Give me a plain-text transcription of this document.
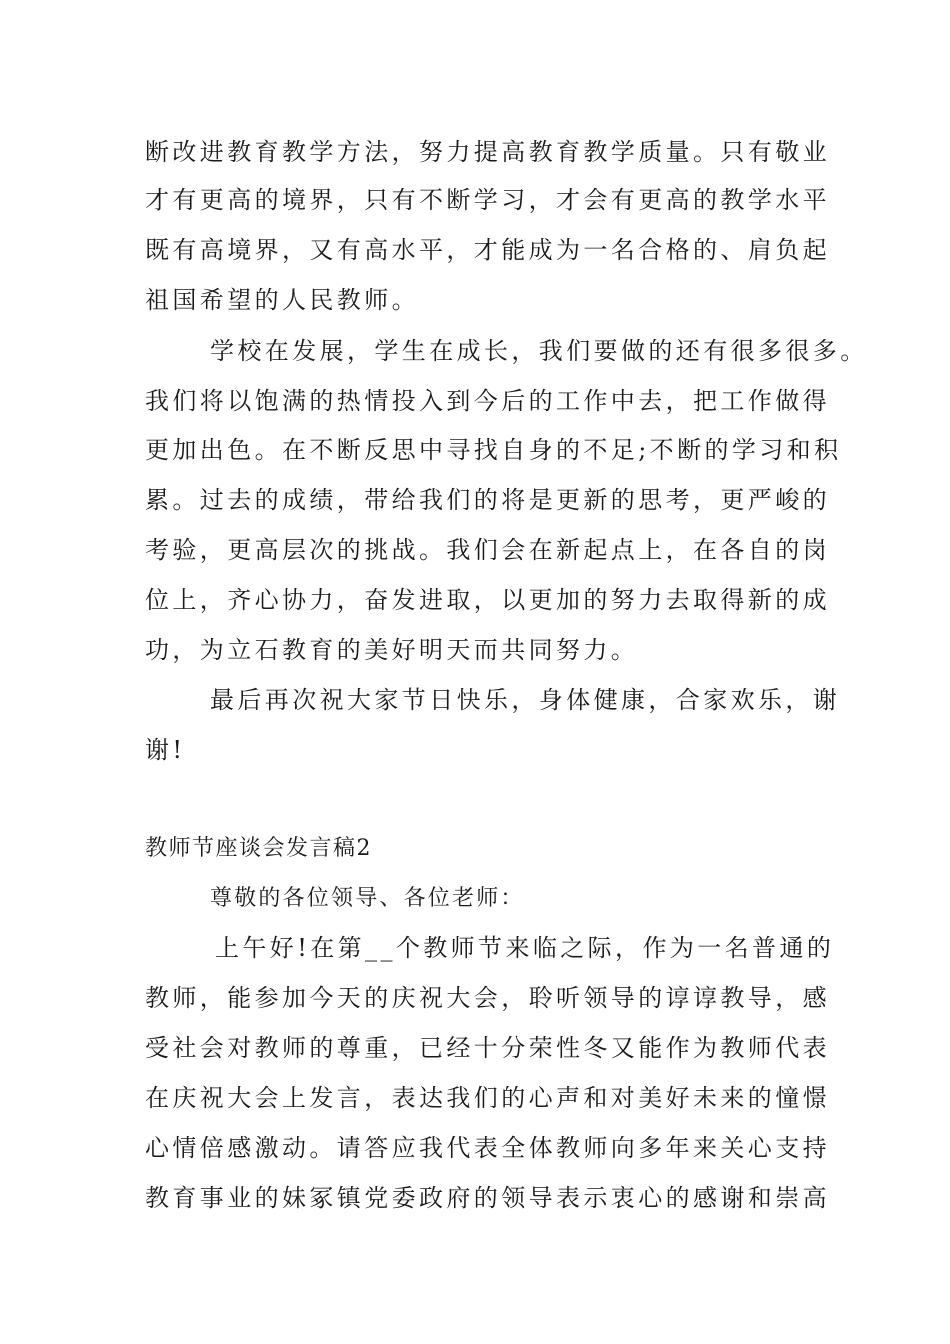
断改进教育教学方法，努力提高教育教学质量。只有敬业
才有更高的境界，只有不断学习，才会有更高的教学水平
既有高境界，又有高水平，才能成为一名合格的、肩负起
祖国希望的人民教师。
学校在发展，学生在成长，我们要做的还有很多很多。
我们将以饱满的热情投入到今后的工作中去，把工作做得
更加出色。在不断反思中寻找自身的不足;不断的学习和积
累。过去的成绩，带给我们的将是更新的思考，更严峻的
考验，更高层次的挑战。我们会在新起点上，在各自的岗
位上，齐心协力，奋发进取，以更加的努力去取得新的成
功，为立石教育的美好明天而共同努力。
最后再次祝大家节日快乐，身体健康，合家欢乐，谢
谢!
教师节座谈会发言稿2
尊敬的各位领导、各位老师：
上午好!在第__个教师节来临之际，作为一名普通的
教师，能参加今天的庆祝大会，聆听领导的谆谆教导，感
受社会对教师的尊重，已经十分荣性冬又能作为教师代表
在庆祝大会上发言，表达我们的心声和对美好未来的憧憬
心情倍感激动。请答应我代表全体教师向多年来关心支持
教育事业的妹冢镇党委政府的领导表示衷心的感谢和崇高
